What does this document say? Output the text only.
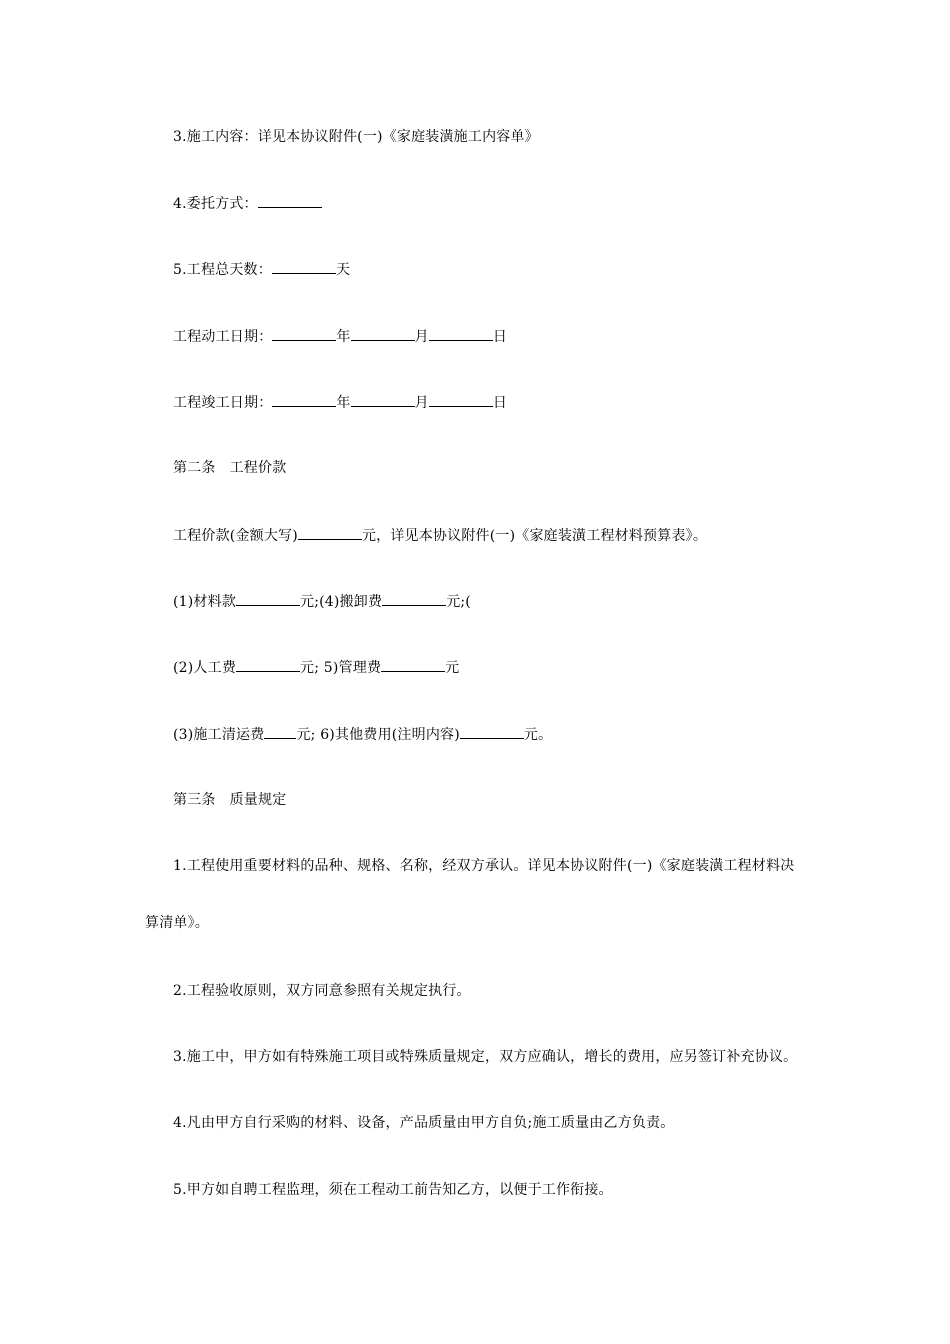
3.施工内容：详见本协议附件(一)《家庭装潢施工内容单》
4.委托方式：
5.工程总天数：	天
工程动工日期：	年	月	日
工程竣工日期：	年	月	日
第二条 工程价款
工程价款(金额大写)	元，详见本协议附件(一)《家庭装潢工程材料预算表》。
(1)材料款	元;(4)搬卸费	元;(
(2)人工费	元; 5)管理费	元
(3)施工清运费 元; 6)其他费用(注明内容)	元。
第三条 质量规定
1.工程使用重要材料的品种、规格、名称，经双方承认。详见本协议附件(一)《家庭装潢工程材料决
算清单》。
2.工程验收原则，双方同意参照有关规定执行。
3.施工中，甲方如有特殊施工项目或特殊质量规定，双方应确认，增长的费用，应另签订补充协议。
4.凡由甲方自行采购的材料、设备，产品质量由甲方自负;施工质量由乙方负责。
5.甲方如自聘工程监理，须在工程动工前告知乙方，以便于工作衔接。
